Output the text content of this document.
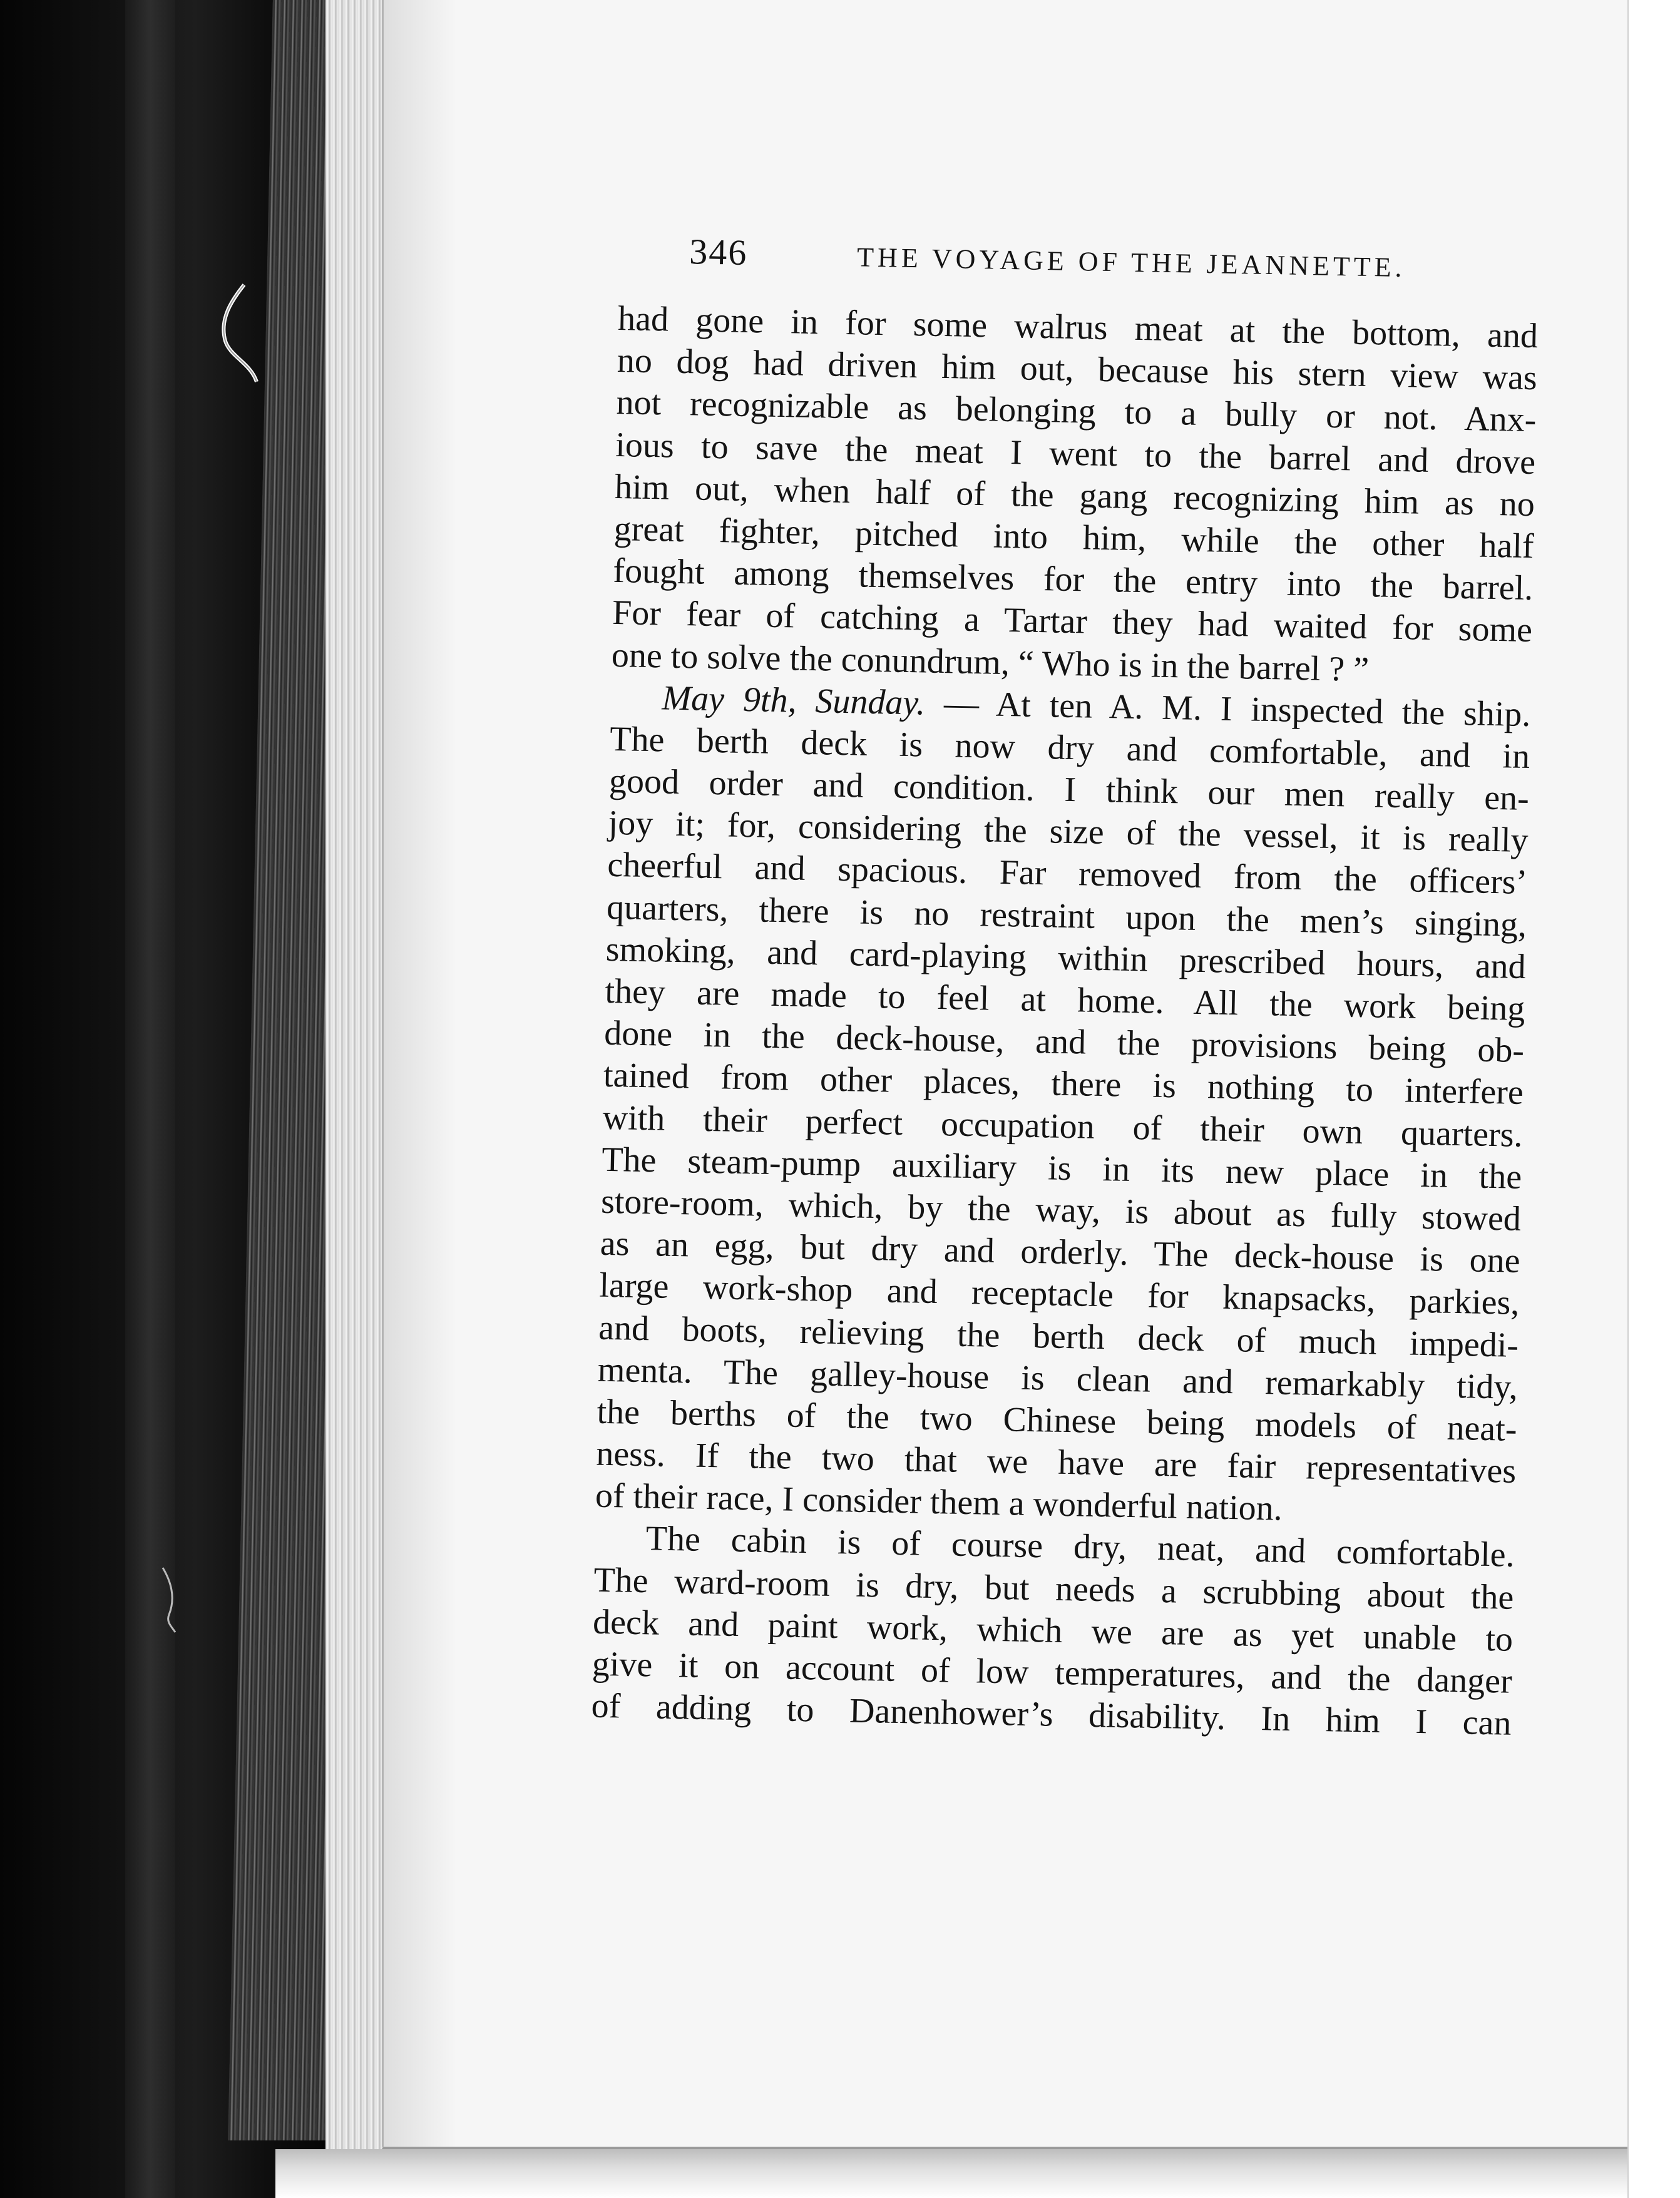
346	THE VOYAGE OF THE JEANNETTE.
had gone in for some walrus meat at the bottom, and
no dog had driven him out, because his stern view was
not recognizable as belonging to a bully or not. Anx-
ious to save the meat I went to the barrel and drove
him out, when half of the gang recognizing him as no
great fighter, pitched into him, while the other half
fought among themselves for the entry into the barrel.
For fear of catching a Tartar they had waited for some
one to solve the conundrum, “ Who is in the barrel ? ”
May 9th, Sunday. — At ten A. M. I inspected the ship.
The berth deck is now dry and comfortable, and in
good order and condition. I think our men really en-
joy it; for, considering the size of the vessel, it is really
cheerful and spacious. Far removed from the officers’
quarters, there is no restraint upon the men’s singing,
smoking, and card-playing within prescribed hours, and
they are made to feel at home. All the work being
done in the deck-house, and the provisions being ob-
tained from other places, there is nothing to interfere
with their perfect occupation of their own quarters.
The steam-pump auxiliary is in its new place in the
store-room, which, by the way, is about as fully stowed
as an egg, but dry and orderly. The deck-house is one
large work-shop and receptacle for knapsacks, parkies,
and boots, relieving the berth deck of much impedi-
menta. The galley-house is clean and remarkably tidy,
the berths of the two Chinese being models of neat-
ness. If the two that we have are fair representatives
of their race, I consider them a wonderful nation.
The cabin is of course dry, neat, and comfortable.
The ward-room is dry, but needs a scrubbing about the
deck and paint work, which we are as yet unable to
give it on account of low temperatures, and the danger
of adding to Danenhower’s disability. In him I can
